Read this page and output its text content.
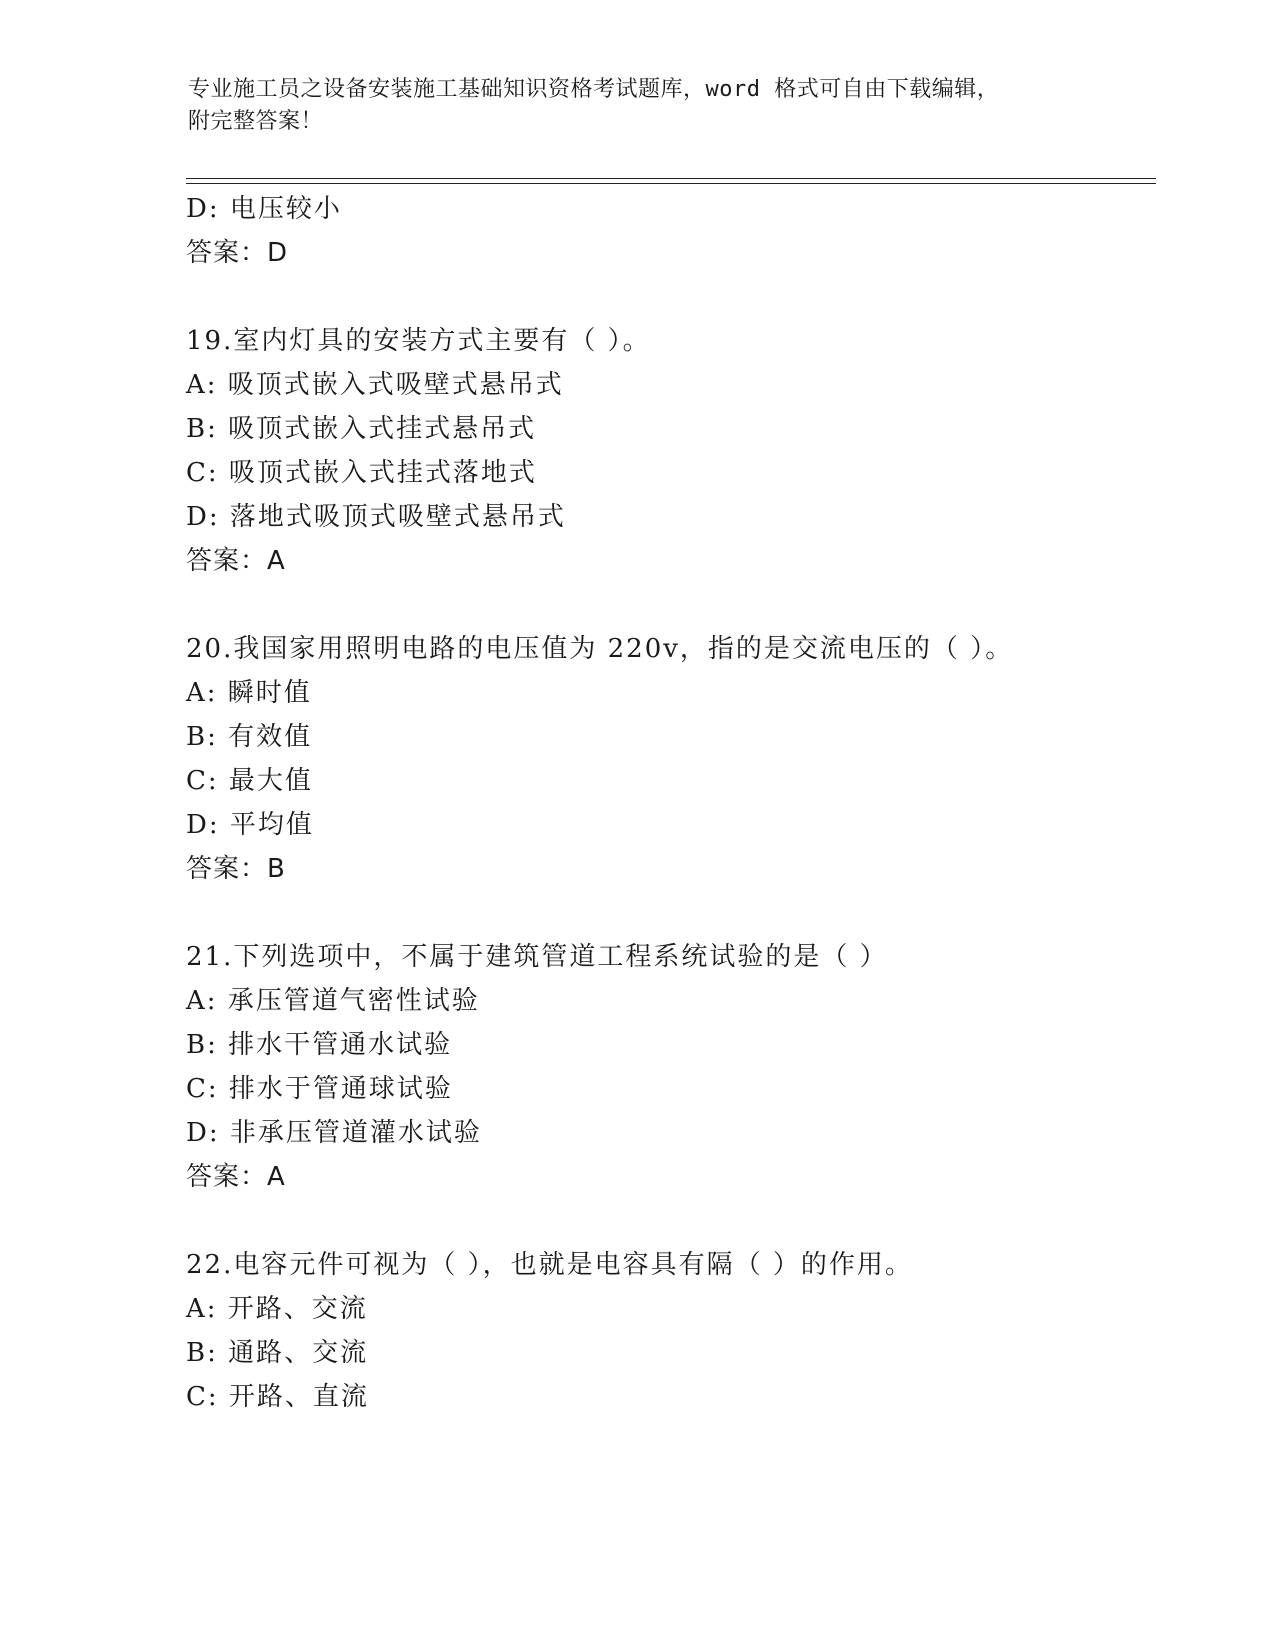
专业施工员之设备安装施工基础知识资格考试题库，word 格式可自由下载编辑，
附完整答案！
D: 电压较小
答案：D
19.室内灯具的安装方式主要有（ ）。
A: 吸顶式嵌入式吸壁式悬吊式
B: 吸顶式嵌入式挂式悬吊式
C: 吸顶式嵌入式挂式落地式
D: 落地式吸顶式吸壁式悬吊式
答案：A
20.我国家用照明电路的电压值为 220v，指的是交流电压的（ ）。
A: 瞬时值
B: 有效值
C: 最大值
D: 平均值
答案：B
21.下列选项中，不属于建筑管道工程系统试验的是（ ）
A: 承压管道气密性试验
B: 排水干管通水试验
C: 排水于管通球试验
D: 非承压管道灌水试验
答案：A
22.电容元件可视为（ ），也就是电容具有隔（ ）的作用。
A: 开路、交流
B: 通路、交流
C: 开路、直流
